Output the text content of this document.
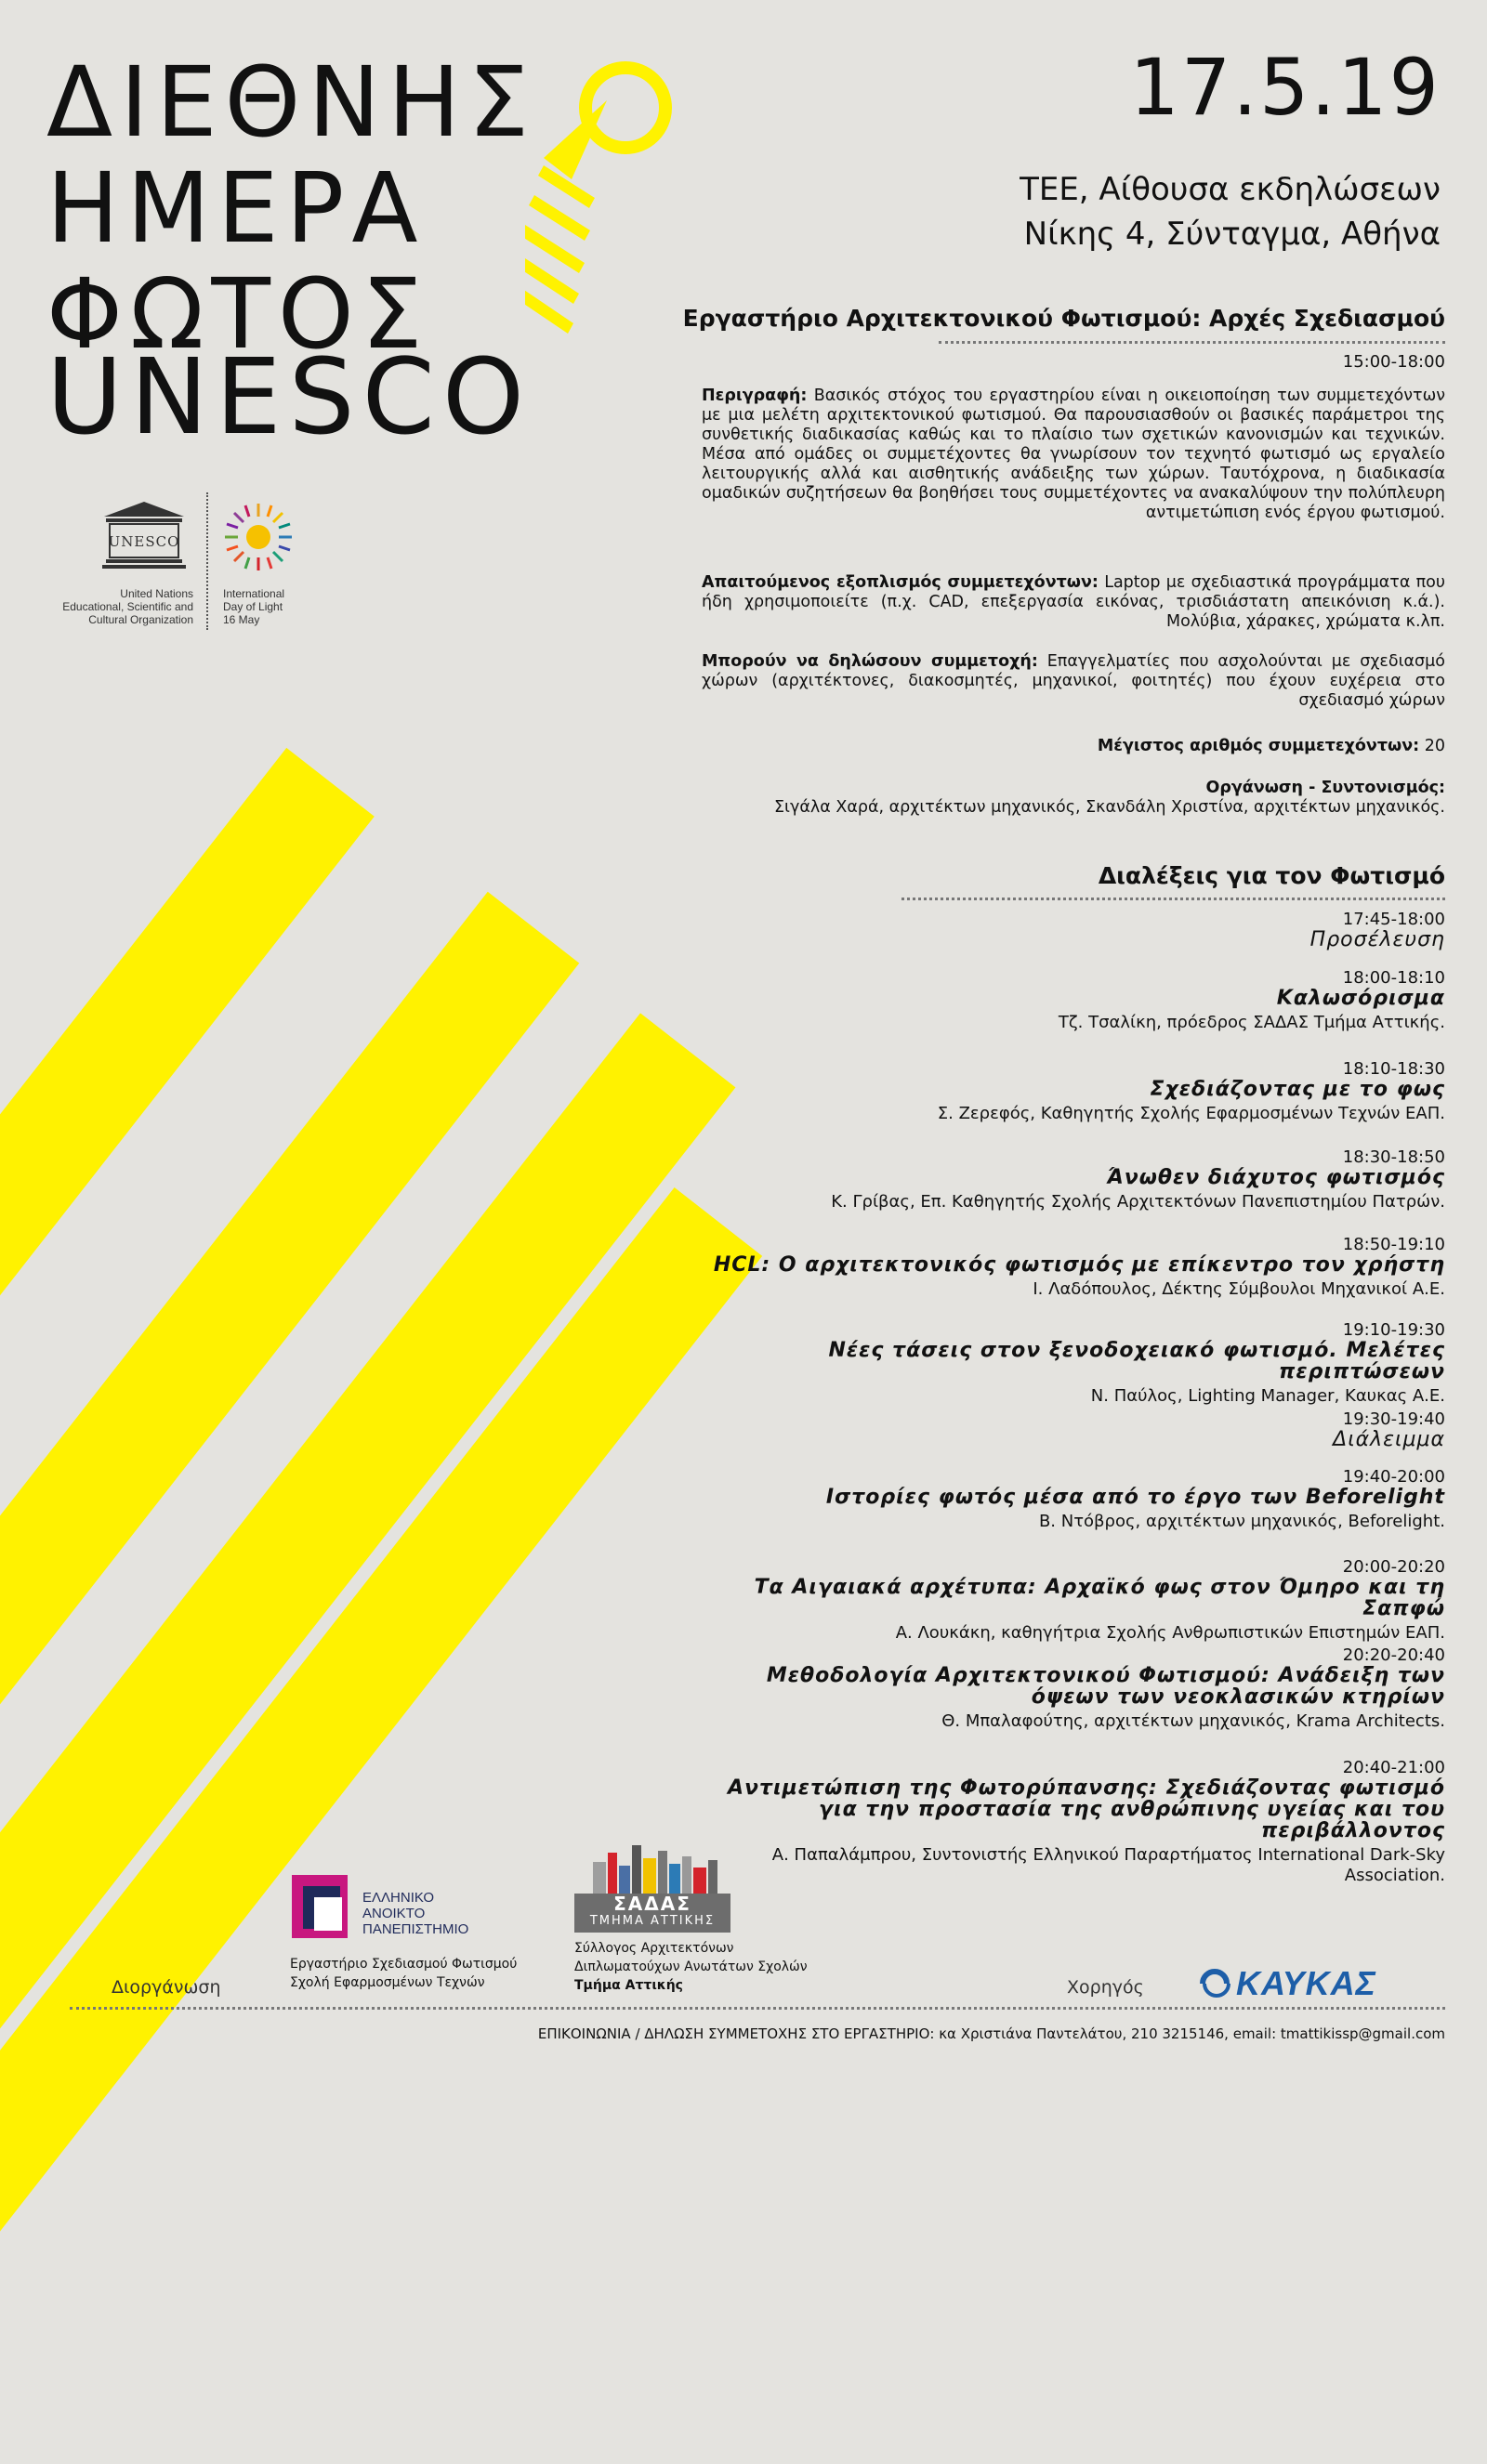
ΔΙΕΘΝΗΣ
ΗΜΕΡΑ
ΦΩΤΟΣ
UNESCO
17.5.19
ΤΕΕ, Αίθουσα εκδηλώσεων
Νίκης 4, Σύνταγμα, Αθήνα
UNESCO
United Nations
Educational, Scientific and
Cultural Organization
International
Day of Light
16 May
Εργαστήριο Αρχιτεκτονικού Φωτισμού: Αρχές Σχεδιασμού
15:00-18:00
Περιγραφή: Βασικός στόχος του εργαστηρίου είναι η οικειοποίηση των συμμετεχόντων με μια μελέτη αρχιτεκτονικού φωτισμού. Θα παρουσιασθούν οι βασικές παράμετροι της συνθετικής διαδικασίας καθώς και το πλαίσιο των σχετικών κανονισμών και τεχνικών. Μέσα από ομάδες οι συμμετέχοντες θα γνωρίσουν τον τεχνητό φωτισμό ως εργαλείο λειτουργικής αλλά και αισθητικής ανάδειξης των χώρων. Ταυτόχρονα, η διαδικασία ομαδικών συζητήσεων θα βοηθήσει τους συμμετέχοντες να ανακαλύψουν την πολύπλευρη αντιμετώπιση ενός έργου φωτισμού.
Απαιτούμενος εξοπλισμός συμμετεχόντων: Laptop με σχεδιαστικά προγράμματα που ήδη χρησιμοποιείτε (π.χ. CAD, επεξεργασία εικόνας, τρισδιάστατη απεικόνιση κ.ά.). Μολύβια, χάρακες, χρώματα κ.λπ.
Μπορούν να δηλώσουν συμμετοχή: Επαγγελματίες που ασχολούνται με σχεδιασμό χώρων (αρχιτέκτονες, διακοσμητές, μηχανικοί, φοιτητές) που έχουν ευχέρεια στο σχεδιασμό χώρων
Μέγιστος αριθμός συμμετεχόντων: 20
Οργάνωση - Συντονισμός:
Σιγάλα Χαρά, αρχιτέκτων μηχανικός, Σκανδάλη Χριστίνα, αρχιτέκτων μηχανικός.
Διαλέξεις για τον Φωτισμό
17:45-18:00
Προσέλευση
18:00-18:10
Καλωσόρισμα
Τζ. Τσαλίκη, πρόεδρος ΣΑΔΑΣ Τμήμα Αττικής.
18:10-18:30
Σχεδιάζοντας με το φως
Σ. Ζερεφός, Καθηγητής Σχολής Εφαρμοσμένων Τεχνών ΕΑΠ.
18:30-18:50
Άνωθεν διάχυτος φωτισμός
Κ. Γρίβας, Επ. Καθηγητής Σχολής Αρχιτεκτόνων Πανεπιστημίου Πατρών.
18:50-19:10
HCL: Ο αρχιτεκτονικός φωτισμός με επίκεντρο τον χρήστη
Ι. Λαδόπουλος, Δέκτης Σύμβουλοι Μηχανικοί Α.Ε.
19:10-19:30
Νέες τάσεις στον ξενοδοχειακό φωτισμό. Μελέτες περιπτώσεων
Ν. Παύλος, Lighting Manager, Καυκας Α.Ε.
19:30-19:40
Διάλειμμα
19:40-20:00
Ιστορίες φωτός μέσα από το έργο των Beforelight
Β. Ντόβρος, αρχιτέκτων μηχανικός, Beforelight.
20:00-20:20
Τα Αιγαιακά αρχέτυπα: Αρχαϊκό φως στον Όμηρο και τη Σαπφώ
Α. Λουκάκη, καθηγήτρια Σχολής Ανθρωπιστικών Επιστημών ΕΑΠ.
20:20-20:40
Μεθοδολογία Αρχιτεκτονικού Φωτισμού: Ανάδειξη των όψεων των νεοκλασικών κτηρίων
Θ. Μπαλαφούτης, αρχιτέκτων μηχανικός, Krama Architects.
20:40-21:00
Αντιμετώπιση της Φωτορύπανσης: Σχεδιάζοντας φωτισμό για την προστασία της ανθρώπινης υγείας και του περιβάλλοντος
Α. Παπαλάμπρου, Συντονιστής Ελληνικού Παραρτήματος International Dark-Sky Association.
Διοργάνωση
ΕΛΛΗΝΙΚΟ
ΑΝΟΙΚΤΟ
ΠΑΝΕΠΙΣΤΗΜΙΟ
Εργαστήριο Σχεδιασμού Φωτισμού
Σχολή Εφαρμοσμένων Τεχνών
ΣΑΔΑΣ
ΤΜΗΜΑ ΑΤΤΙΚΗΣ
Σύλλογος Αρχιτεκτόνων
Διπλωματούχων Ανωτάτων Σχολών
Τμήμα Αττικής	Χορηγός	ΚΑΥΚΑΣ
ΕΠΙΚΟΙΝΩΝΙΑ / ΔΗΛΩΣΗ ΣΥΜΜΕΤΟΧΗΣ ΣΤΟ ΕΡΓΑΣΤΗΡΙΟ: κα Χριστιάνα Παντελάτου, 210 3215146, email: tmattikissp@gmail.com
